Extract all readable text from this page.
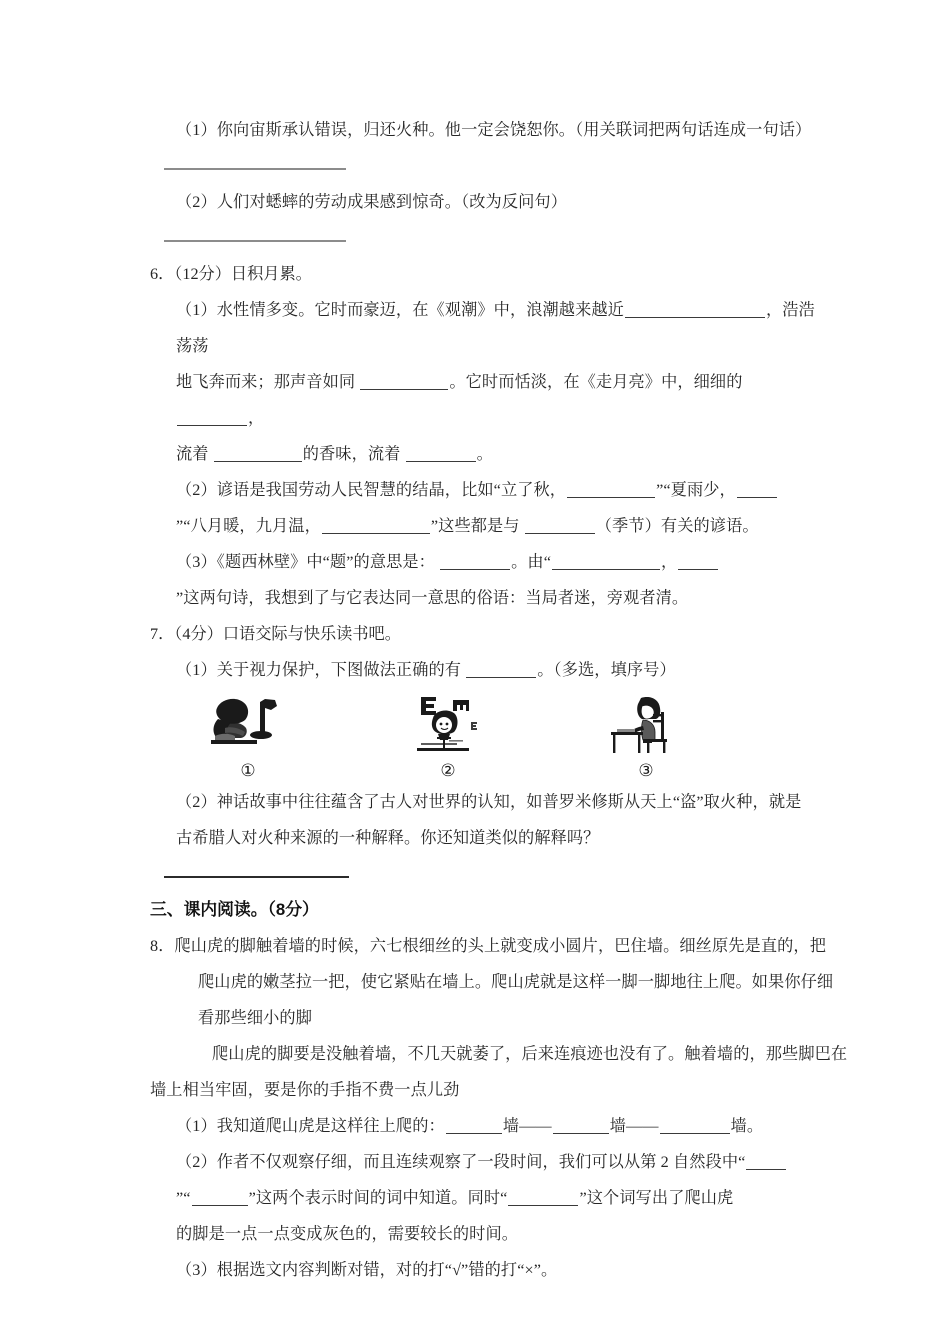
（1）你向宙斯承认错误，归还火种。他一定会饶恕你。（用关联词把两句话连成一句话）
（2）人们对蟋蟀的劳动成果感到惊奇。（改为反问句）
6．（12分）日积月累。
（1）水性情多变。它时而豪迈，在《观潮》中，浪潮越来越近	，浩浩荡荡
地飞奔而来；那声音如同	。它时而恬淡，在《走月亮》中，细细的 ，
流着	的香味，流着	。
（2）谚语是我国劳动人民智慧的结晶，比如“立了秋，	”“夏雨少，
”“八月暖，九月温，	”这些都是与	（季节）有关的谚语。
（3）《题西林壁》中“题”的意思是：	。由“	，
”这两句诗，我想到了与它表达同一意思的俗语：当局者迷，旁观者清。
7．（4分）口语交际与快乐读书吧。
（1）关于视力保护，下图做法正确的有	。（多选，填序号）
①	②	③
（2）神话故事中往往蕴含了古人对世界的认知，如普罗米修斯从天上“盗”取火种，就是
古希腊人对火种来源的一种解释。你还知道类似的解释吗？
三、课内阅读。（8分）
8．爬山虎的脚触着墙的时候，六七根细丝的头上就变成小圆片，巴住墙。细丝原先是直的，把
爬山虎的嫩茎拉一把，使它紧贴在墙上。爬山虎就是这样一脚一脚地往上爬。如果你仔细
看那些细小的脚
爬山虎的脚要是没触着墙，不几天就萎了，后来连痕迹也没有了。触着墙的，那些脚巴在
墙上相当牢固，要是你的手指不费一点儿劲
（1）我知道爬山虎是这样往上爬的：	墙——	墙——	墙。
（2）作者不仅观察仔细，而且连续观察了一段时间，我们可以从第 2 自然段中“
”“	”这两个表示时间的词中知道。同时“	”这个词写出了爬山虎
的脚是一点一点变成灰色的，需要较长的时间。
（3）根据选文内容判断对错，对的打“√”错的打“×”。
